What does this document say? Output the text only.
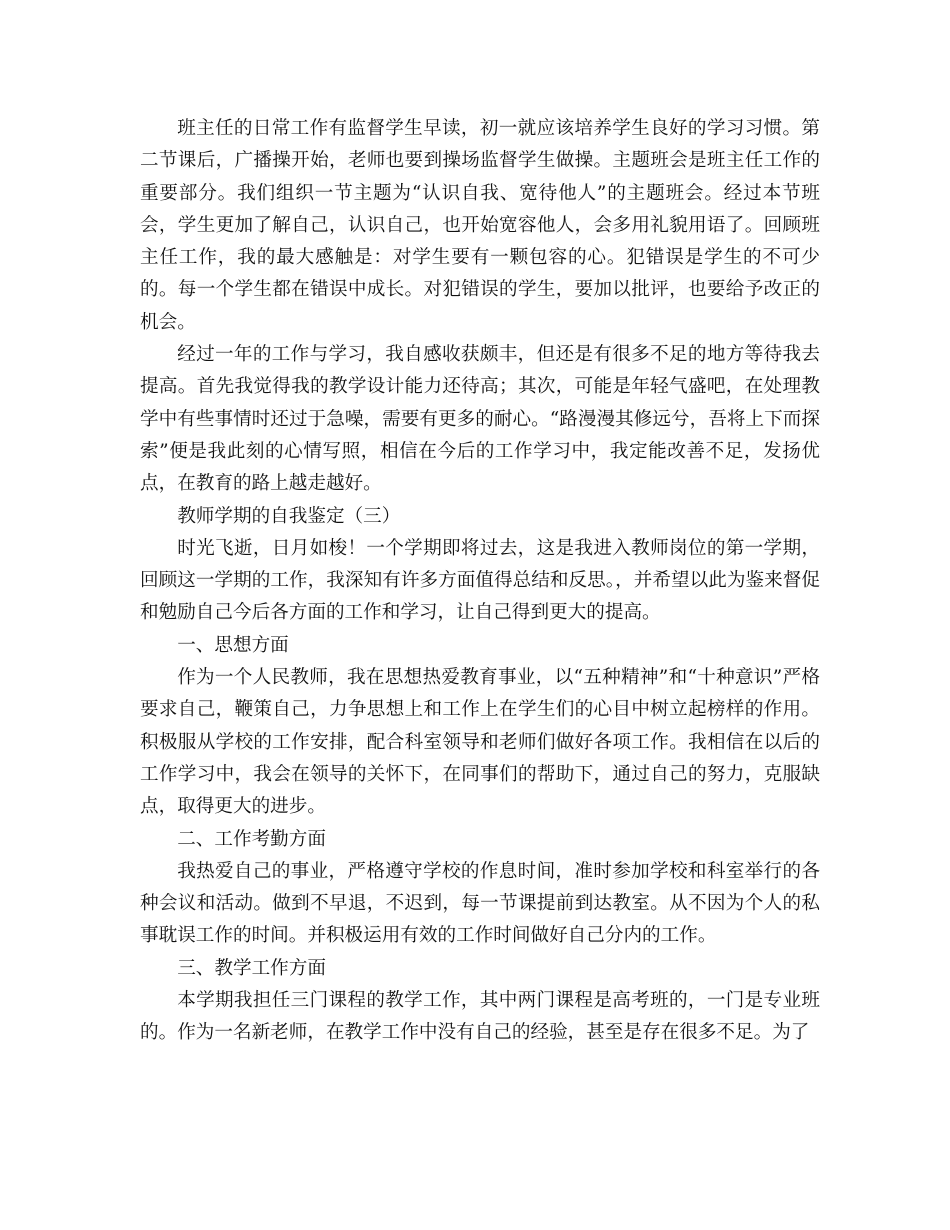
班主任的日常工作有监督学生早读，初一就应该培养学生良好的学习习惯。第二节课后，广播操开始，老师也要到操场监督学生做操。主题班会是班主任工作的重要部分。我们组织一节主题为“认识自我、宽待他人”的主题班会。经过本节班会，学生更加了解自己，认识自己，也开始宽容他人，会多用礼貌用语了。回顾班主任工作，我的最大感触是：对学生要有一颗包容的心。犯错误是学生的不可少的。每一个学生都在错误中成长。对犯错误的学生，要加以批评，也要给予改正的机会。

经过一年的工作与学习，我自感收获颇丰，但还是有很多不足的地方等待我去提高。首先我觉得我的教学设计能力还待高；其次，可能是年轻气盛吧，在处理教学中有些事情时还过于急噪，需要有更多的耐心。“路漫漫其修远兮，吾将上下而探索”便是我此刻的心情写照，相信在今后的工作学习中，我定能改善不足，发扬优点，在教育的路上越走越好。

教师学期的自我鉴定（三）

时光飞逝，日月如梭！一个学期即将过去，这是我进入教师岗位的第一学期，回顾这一学期的工作，我深知有许多方面值得总结和反思。，并希望以此为鉴来督促和勉励自己今后各方面的工作和学习，让自己得到更大的提高。

一、思想方面

作为一个人民教师，我在思想热爱教育事业，以“五种精神”和“十种意识”严格要求自己，鞭策自己，力争思想上和工作上在学生们的心目中树立起榜样的作用。积极服从学校的工作安排，配合科室领导和老师们做好各项工作。我相信在以后的工作学习中，我会在领导的关怀下，在同事们的帮助下，通过自己的努力，克服缺点，取得更大的进步。

二、工作考勤方面

我热爱自己的事业，严格遵守学校的作息时间，准时参加学校和科室举行的各种会议和活动。做到不早退，不迟到，每一节课提前到达教室。从不因为个人的私事耽误工作的时间。并积极运用有效的工作时间做好自己分内的工作。

三、教学工作方面

本学期我担任三门课程的教学工作，其中两门课程是高考班的，一门是专业班的。作为一名新老师，在教学工作中没有自己的经验，甚至是存在很多不足。为了
